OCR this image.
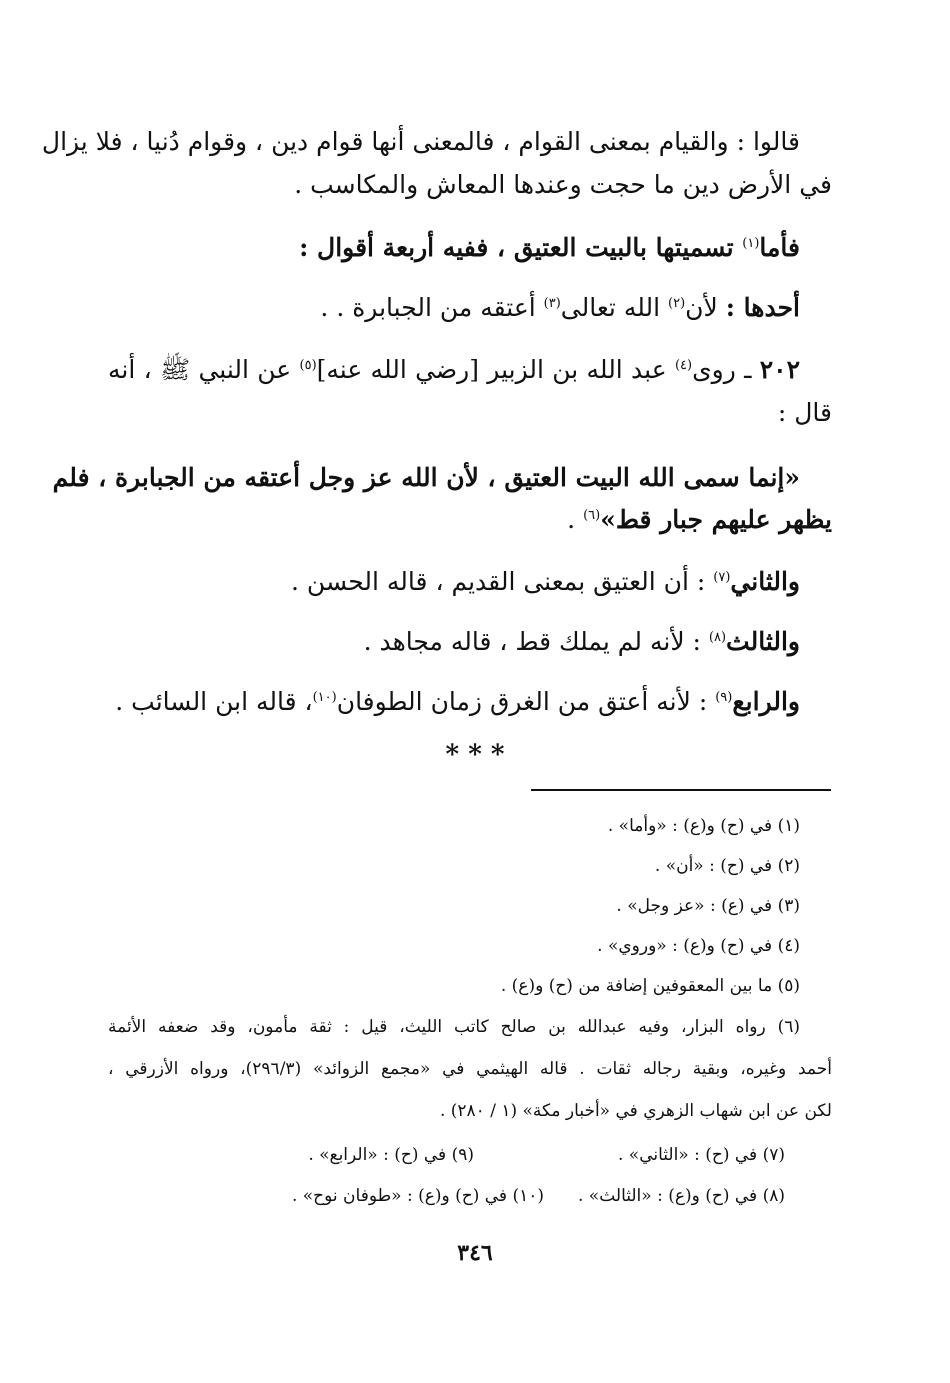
قالوا : والقيام بمعنى القوام ، فالمعنى أنها قوام دين ، وقوام دُنيا ، فلا يزال
في الأرض دين ما حجت وعندها المعاش والمكاسب .
فأما$^{(١)}$ تسميتها بالبيت العتيق ، ففيه أربعة أقوال :
أحدها : لأن$^{(٢)}$ الله تعالى$^{(٣)}$ أعتقه من الجبابرة . .
٢٠٢ ـ روى$^{(٤)}$ عبد الله بن الزبير [رضي الله عنه]$^{(٥)}$ عن النبي ﷺ ، أنه
قال :
«إنما سمى الله البيت العتيق ، لأن الله عز وجل أعتقه من الجبابرة ، فلم
يظهر عليهم جبار قط»$^{(٦)}$ .
والثاني$^{(٧)}$ : أن العتيق بمعنى القديم ، قاله الحسن .
والثالث$^{(٨)}$ : لأنه لم يملك قط ، قاله مجاهد .
والرابع$^{(٩)}$ : لأنه أعتق من الغرق زمان الطوفان$^{(١٠)}$، قاله ابن السائب .
* * *
(١) في (ح) و(ع) : «وأما» .
(٢) في (ح) : «أن» .
(٣) في (ع) : «عز وجل» .
(٤) في (ح) و(ع) : «وروي» .
(٥) ما بين المعقوفين إضافة من (ح) و(ع) .
(٦) رواه البزار، وفيه عبدالله بن صالح كاتب الليث، قيل : ثقة مأمون، وقد ضعفه الأئمة
أحمد وغيره، وبقية رجاله ثقات . قاله الهيثمي في «مجمع الزوائد» (٢٩٦/٣)، ورواه الأزرقي ،
لكن عن ابن شهاب الزهري في «أخبار مكة» (١ / ٢٨٠) .
(٧) في (ح) : «الثاني» .
(٩) في (ح) : «الرابع» .
(٨) في (ح) و(ع) : «الثالث» .
(١٠) في (ح) و(ع) : «طوفان نوح» .
٣٤٦
